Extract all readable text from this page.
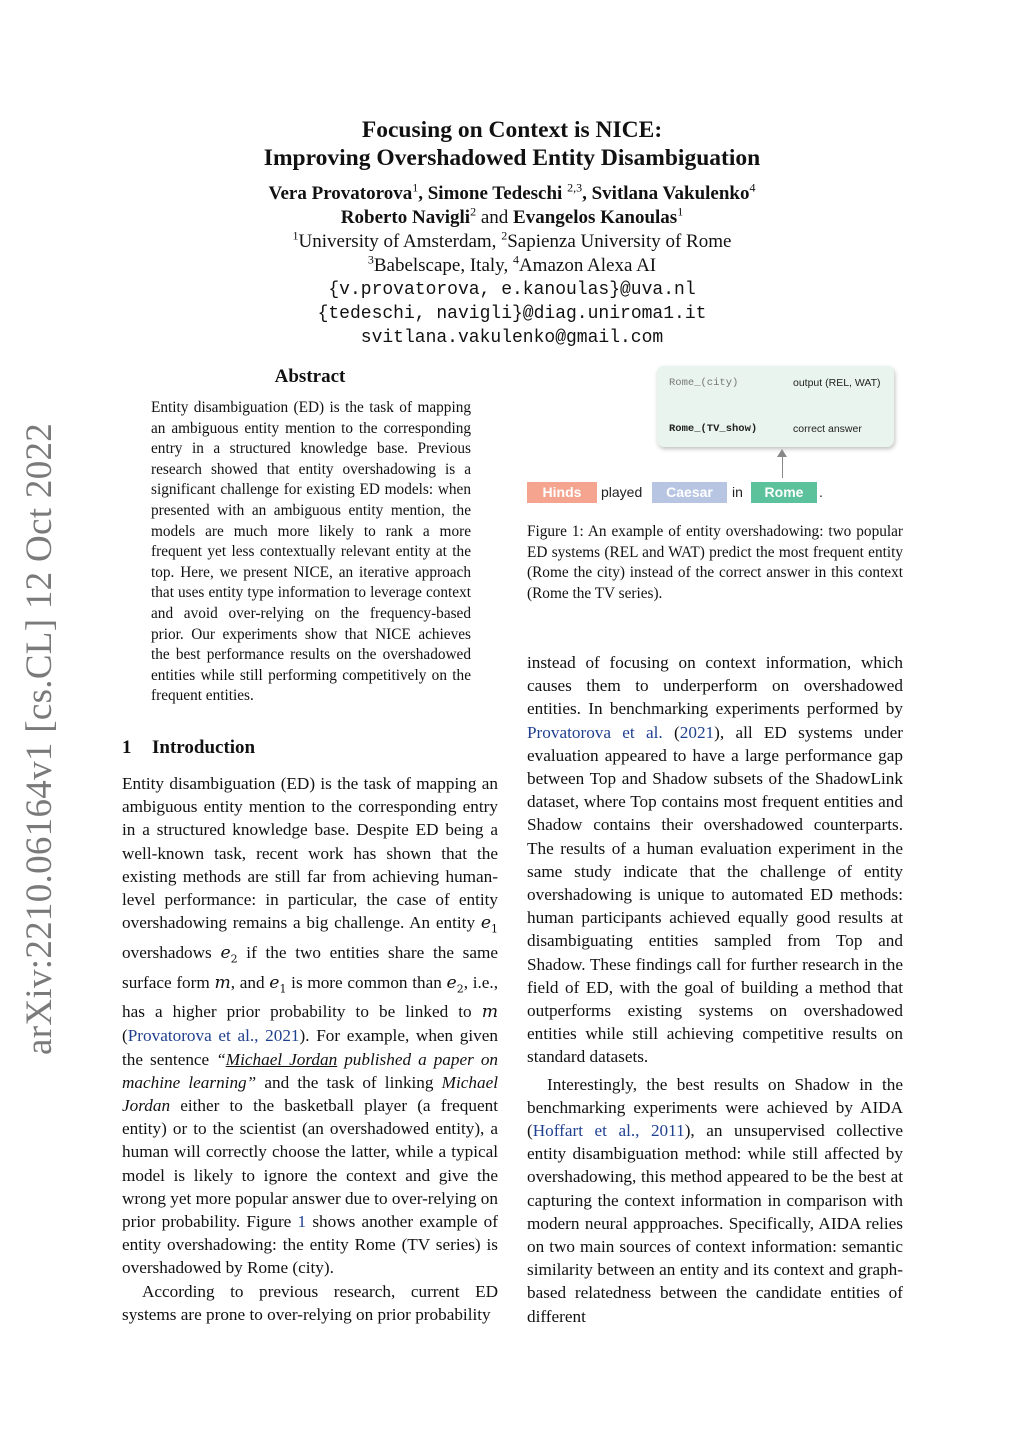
arXiv:2210.06164v1 [cs.CL] 12 Oct 2022
Focusing on Context is NICE:
Improving Overshadowed Entity Disambiguation
Vera Provatorova$^1$, Simone Tedeschi $^{2,3}$, Svitlana Vakulenko$^4$
Roberto Navigli$^2$ and Evangelos Kanoulas$^1$
$^1$University of Amsterdam, $^2$Sapienza University of Rome
$^3$Babelscape, Italy, $^4$Amazon Alexa AI
{v.provatorova, e.kanoulas}@uva.nl
{tedeschi, navigli}@diag.uniroma1.it
svitlana.vakulenko@gmail.com
Abstract
Entity disambiguation (ED) is the task of mapping an ambiguous entity mention to the corresponding entry in a structured knowledge base. Previous research showed that entity overshadowing is a significant challenge for existing ED models: when presented with an ambiguous entity mention, the models are much more likely to rank a more frequent yet less contextually relevant entity at the top. Here, we present NICE, an iterative approach that uses entity type information to leverage context and avoid over-relying on the frequency-based prior. Our experiments show that NICE achieves the best performance results on the overshadowed entities while still performing competitively on the frequent entities.
1 Introduction

Entity disambiguation (ED) is the task of mapping an ambiguous entity mention to the corresponding entry in a structured knowledge base. Despite ED being a well-known task, recent work has shown that the existing methods are still far from achieving human-level performance: in particular, the case of entity overshadowing remains a big challenge. An entity $e_1$ overshadows $e_2$ if the two entities share the same surface form m, and $e_1$ is more common than $e_2$, i.e., has a higher prior probability to be linked to m (Provatorova et al., 2021). For example, when given the sentence “Michael Jordan published a paper on machine learning” and the task of linking Michael Jordan either to the basketball player (a frequent entity) or to the scientist (an overshadowed entity), a human will correctly choose the latter, while a typical model is likely to ignore the context and give the wrong yet more popular answer due to over-relying on prior probability. Figure 1 shows another example of entity overshadowing: the entity Rome (TV series) is overshadowed by Rome (city).

According to previous research, current ED systems are prone to over-relying on prior probability

Rome_(city)	output (REL, WAT)
Rome_(TV_show)	correct answer
Hinds	played	Caesar	in	Rome	.
Figure 1: An example of entity overshadowing: two popular ED systems (REL and WAT) predict the most frequent entity (Rome the city) instead of the correct answer in this context (Rome the TV series).

instead of focusing on context information, which causes them to underperform on overshadowed entities. In benchmarking experiments performed by Provatorova et al. (2021), all ED systems under evaluation appeared to have a large performance gap between Top and Shadow subsets of the ShadowLink dataset, where Top contains most frequent entities and Shadow contains their overshadowed counterparts. The results of a human evaluation experiment in the same study indicate that the challenge of entity overshadowing is unique to automated ED methods: human participants achieved equally good results at disambiguating entities sampled from Top and Shadow. These findings call for further research in the field of ED, with the goal of building a method that outperforms existing systems on overshadowed entities while still achieving competitive results on standard datasets.

Interestingly, the best results on Shadow in the benchmarking experiments were achieved by AIDA (Hoffart et al., 2011), an unsupervised collective entity disambiguation method: while still affected by overshadowing, this method appeared to be the best at capturing the context information in comparison with modern neural appproaches. Specifically, AIDA relies on two main sources of context information: semantic similarity between an entity and its context and graph-based relatedness between the candidate entities of different
